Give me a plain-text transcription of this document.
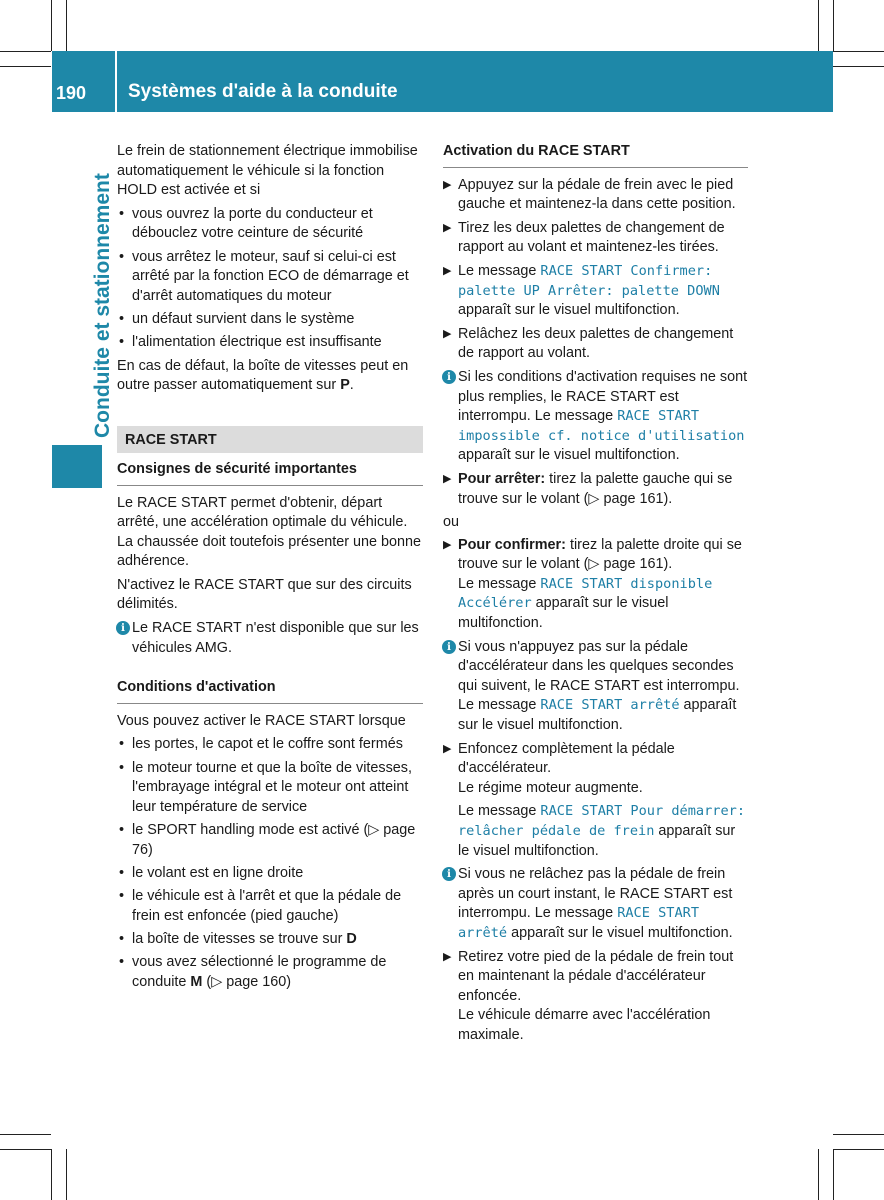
190	Systèmes d'aide à la conduite
Conduite et stationnement

Le frein de stationnement électrique immobilise automatiquement le véhicule si la fonction HOLD est activée et si

• vous ouvrez la porte du conducteur et débouclez votre ceinture de sécurité
• vous arrêtez le moteur, sauf si celui-ci est arrêté par la fonction ECO de démarrage et d'arrêt automatiques du moteur
• un défaut survient dans le système
• l'alimentation électrique est insuffisante

En cas de défaut, la boîte de vitesses peut en outre passer automatiquement sur P.

RACE START
Consignes de sécurité importantes

Le RACE START permet d'obtenir, départ arrêté, une accélération optimale du véhicule. La chaussée doit toutefois présenter une bonne adhérence.

N'activez le RACE START que sur des circuits délimités.

i Le RACE START n'est disponible que sur les véhicules AMG.
Conditions d'activation

Vous pouvez activer le RACE START lorsque

• les portes, le capot et le coffre sont fermés
• le moteur tourne et que la boîte de vitesses, l'embrayage intégral et le moteur ont atteint leur température de service
• le SPORT handling mode est activé (▷ page 76)
• le volant est en ligne droite
• le véhicule est à l'arrêt et que la pédale de frein est enfoncée (pied gauche)
• la boîte de vitesses se trouve sur D
• vous avez sélectionné le programme de conduite M (▷ page 160)
Activation du RACE START
▶ Appuyez sur la pédale de frein avec le pied gauche et maintenez-la dans cette position.
▶ Tirez les deux palettes de changement de rapport au volant et maintenez-les tirées.
▶ Le message RACE START Confirmer: palette UP Arrêter: palette DOWN apparaît sur le visuel multifonction.
▶ Relâchez les deux palettes de changement de rapport au volant.
i Si les conditions d'activation requises ne sont plus remplies, le RACE START est interrompu. Le message RACE START impossible cf. notice d'utilisation apparaît sur le visuel multifonction.
▶ Pour arrêter: tirez la palette gauche qui se trouve sur le volant (▷ page 161).

ou

▶ Pour confirmer: tirez la palette droite qui se trouve sur le volant (▷ page 161).
Le message RACE START disponible Accélérer apparaît sur le visuel multifonction.
i Si vous n'appuyez pas sur la pédale d'accélérateur dans les quelques secondes qui suivent, le RACE START est interrompu. Le message RACE START arrêté apparaît sur le visuel multifonction.
▶ Enfoncez complètement la pédale d'accélérateur.
Le régime moteur augmente.
Le message RACE START Pour démarrer: relâcher pédale de frein apparaît sur le visuel multifonction.
i Si vous ne relâchez pas la pédale de frein après un court instant, le RACE START est interrompu. Le message RACE START arrêté apparaît sur le visuel multifonction.
▶ Retirez votre pied de la pédale de frein tout en maintenant la pédale d'accélérateur enfoncée.
Le véhicule démarre avec l'accélération maximale.
